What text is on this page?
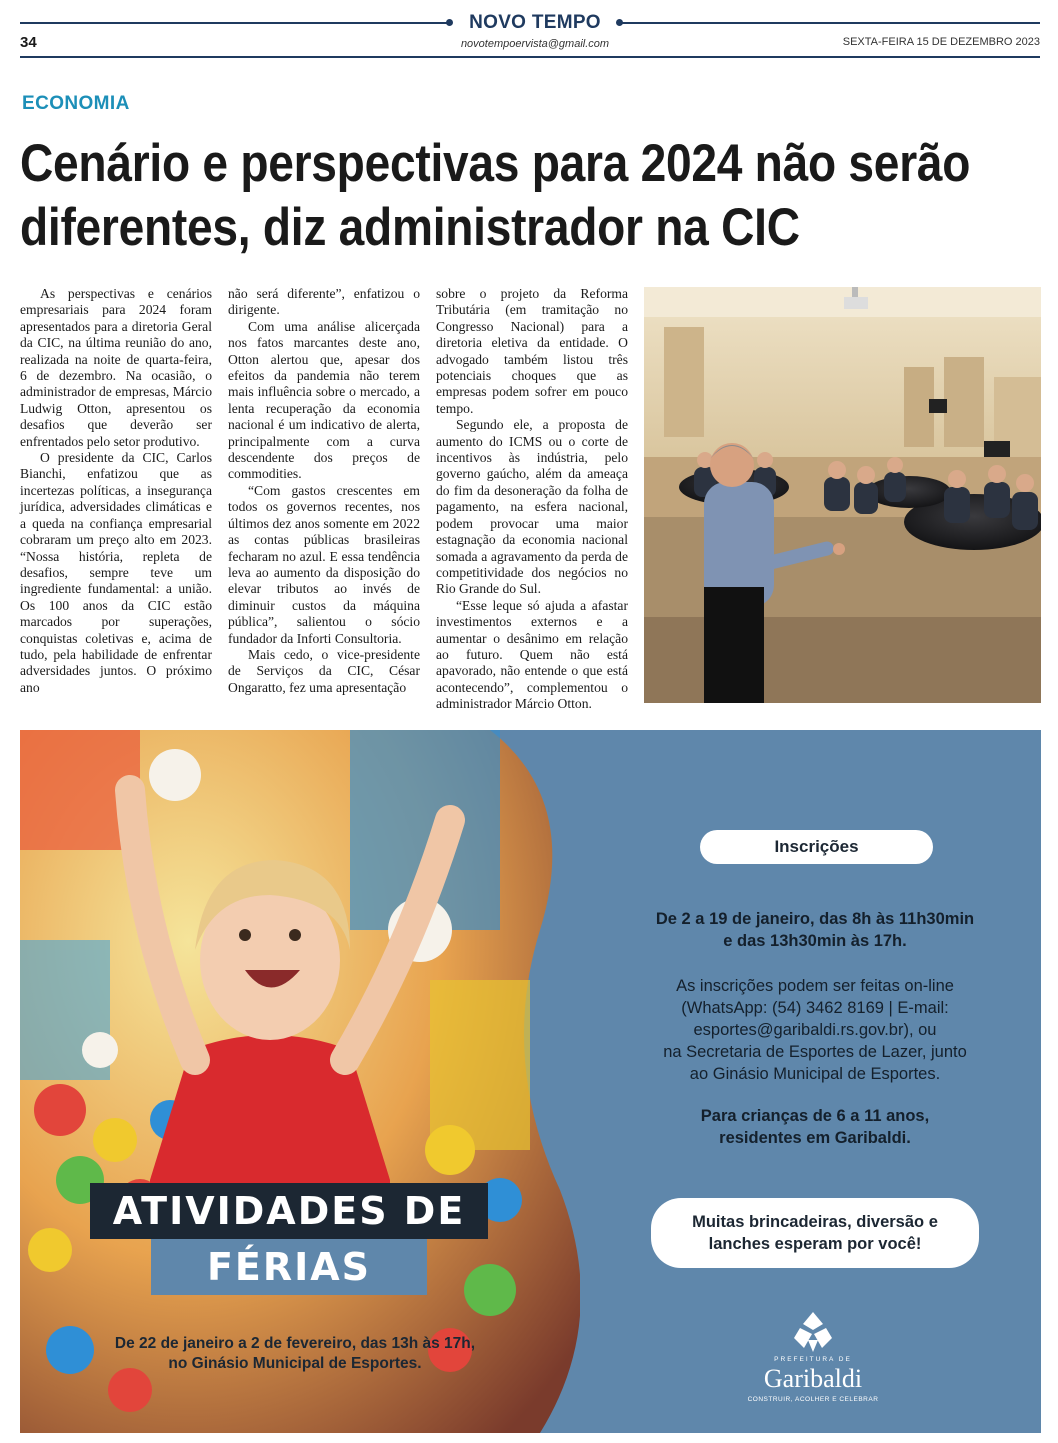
NOVO TEMPO
novotempoervista@gmail.com
34	SEXTA-FEIRA 15 DE DEZEMBRO 2023
ECONOMIA
Cenário e perspectivas para 2024 não serão diferentes, diz administrador na CIC

As perspectivas e cenários empresariais para 2024 foram apresentados para a diretoria Geral da CIC, na última reunião do ano, realizada na noite de quarta-feira, 6 de dezembro. Na ocasião, o administrador de empresas, Márcio Ludwig Otton, apresentou os desafios que deverão ser enfrentados pelo setor produtivo.

O presidente da CIC, Carlos Bianchi, enfatizou que as incertezas políticas, a insegurança jurídica, adversidades climáticas e a queda na confiança empresarial cobraram um preço alto em 2023. “Nossa história, repleta de desafios, sempre teve um ingrediente fundamental: a união. Os 100 anos da CIC estão marcados por superações, conquistas coletivas e, acima de tudo, pela habilidade de enfrentar adversidades juntos. O próximo ano

não será diferente”, enfatizou o dirigente.

Com uma análise alicerçada nos fatos marcantes deste ano, Otton alertou que, apesar dos efeitos da pandemia não terem mais influência sobre o mercado, a lenta recuperação da economia nacional é um indicativo de alerta, principalmente com a curva descendente dos preços de commodities.

“Com gastos crescentes em todos os governos recentes, nos últimos dez anos somente em 2022 as contas públicas brasileiras fecharam no azul. E essa tendência leva ao aumento da disposição do elevar tributos ao invés de diminuir custos da máquina pública”, salientou o sócio fundador da Inforti Consultoria.

Mais cedo, o vice-presidente de Serviços da CIC, César Ongaratto, fez uma apresentação

sobre o projeto da Reforma Tributária (em tramitação no Congresso Nacional) para a diretoria eletiva da entidade. O advogado também listou três potenciais choques que as empresas podem sofrer em pouco tempo.

Segundo ele, a proposta de aumento do ICMS ou o corte de incentivos às indústria, pelo governo gaúcho, além da ameaça do fim da desoneração da folha de pagamento, na esfera nacional, podem provocar uma maior estagnação da economia nacional somada a agravamento da perda de competitividade dos negócios no Rio Grande do Sul.

“Esse leque só ajuda a afastar investimentos externos e a aumentar o desânimo em relação ao futuro. Quem não está apavorado, não entende o que está acontecendo”, complementou o administrador Márcio Otton.

ATIVIDADES DE
FÉRIAS
De 22 de janeiro a 2 de fevereiro, das 13h às 17h,
no Ginásio Municipal de Esportes.
Inscrições
De 2 a 19 de janeiro, das 8h às 11h30min
e das 13h30min às 17h.
As inscrições podem ser feitas on-line
(WhatsApp: (54) 3462 8169 | E-mail:
esportes@garibaldi.rs.gov.br), ou
na Secretaria de Esportes de Lazer, junto
ao Ginásio Municipal de Esportes.
Para crianças de 6 a 11 anos,
residentes em Garibaldi.
Muitas brincadeiras, diversão e
lanches esperam por você!
PREFEITURA DE
Garibaldi
CONSTRUIR, ACOLHER E CELEBRAR
